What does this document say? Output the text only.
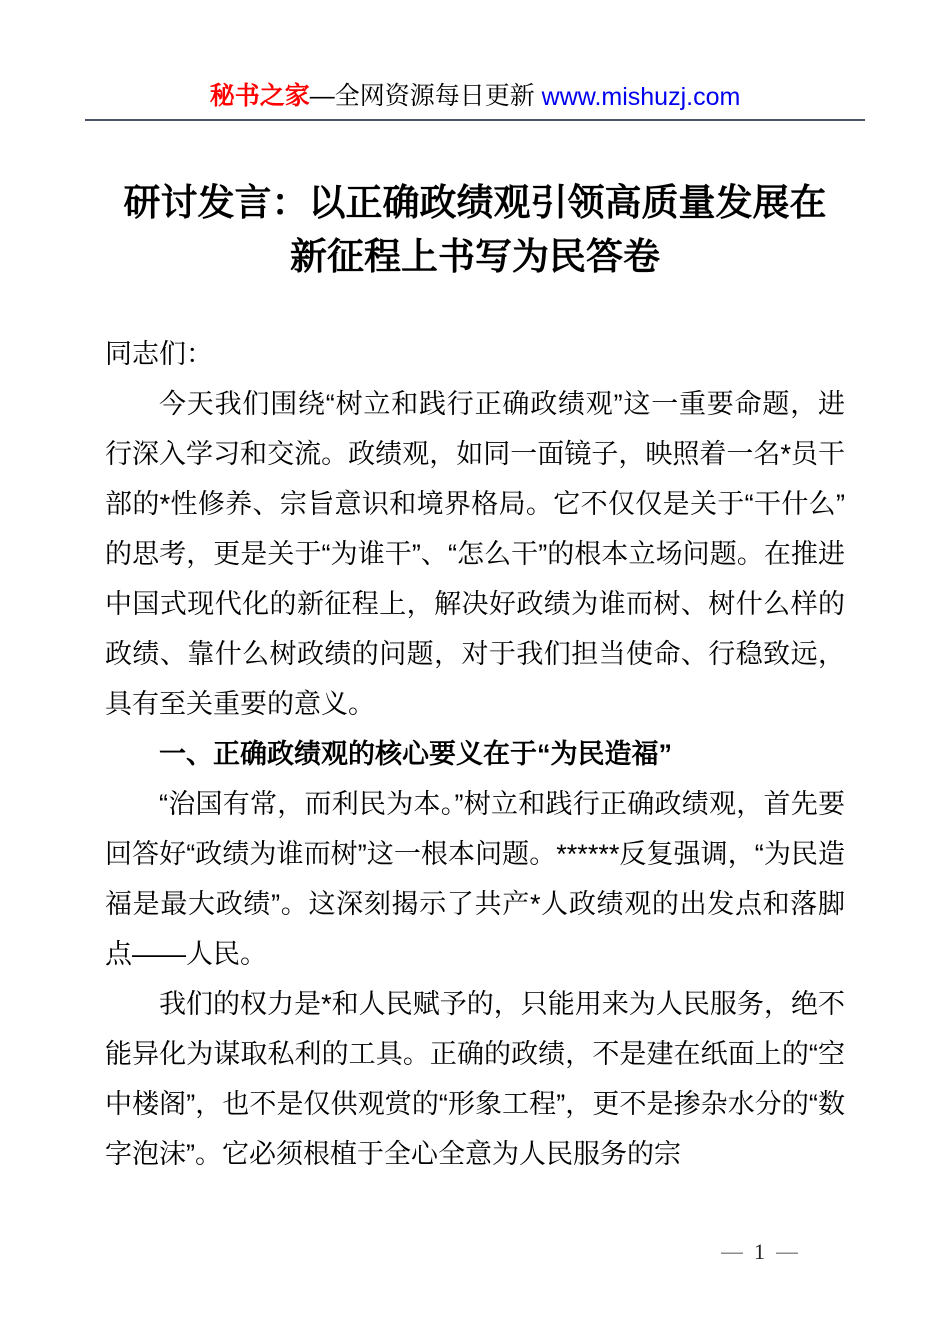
秘书之家 —全网资源每日更新 www.mishuzj.com
研讨发言：以正确政绩观引领高质量发展在
新征程上书写为民答卷

同志们：

今天我们围绕“树立和践行正确政绩观”这一重要命题，进行深入学习和交流。政绩观，如同一面镜子，映照着一名*员干部的*性修养、宗旨意识和境界格局。它不仅仅是关于“干什么”的思考，更是关于“为谁干”、“怎么干”的根本立场问题。在推进中国式现代化的新征程上，解决好政绩为谁而树、树什么样的政绩、靠什么树政绩的问题，对于我们担当使命、行稳致远，具有至关重要的意义。

一、正确政绩观的核心要义在于“为民造福”

“治国有常，而利民为本。”树立和践行正确政绩观，首先要回答好“政绩为谁而树”这一根本问题。******反复强调，“为民造福是最大政绩”。这深刻揭示了共产*人政绩观的出发点和落脚点——人民。

我们的权力是*和人民赋予的，只能用来为人民服务，绝不能异化为谋取私利的工具。正确的政绩，不是建在纸面上的“空中楼阁”，也不是仅供观赏的“形象工程”，更不是掺杂水分的“数字泡沫”。它必须根植于全心全意为人民服务的宗

— 1 —
